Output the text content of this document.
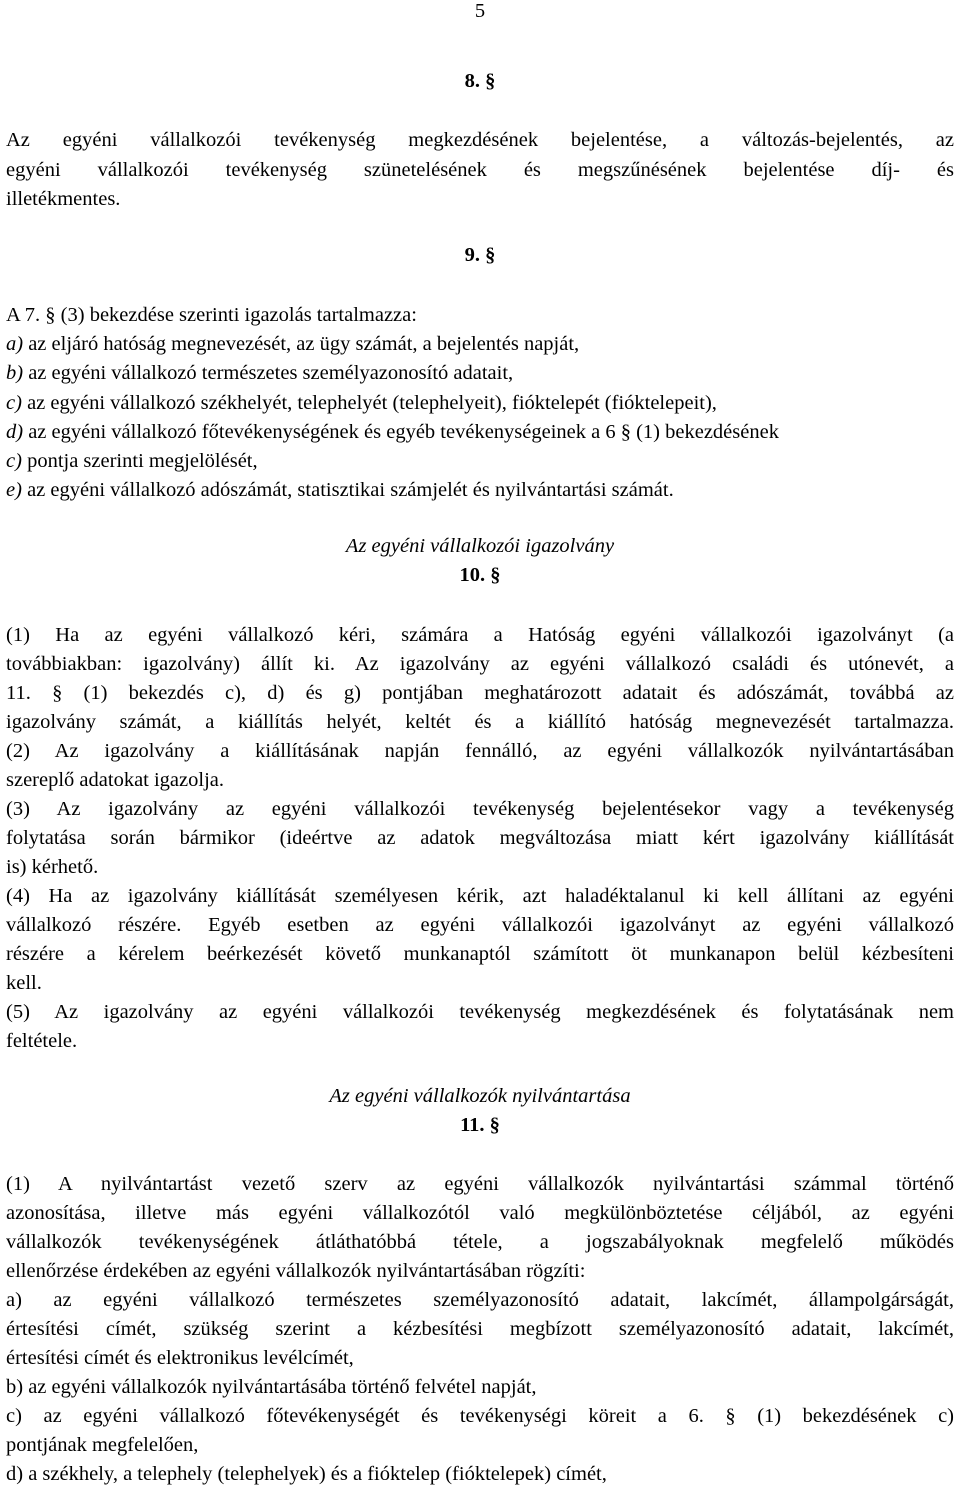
5
8. §
Az egyéni vállalkozói tevékenység megkezdésének bejelentése, a változás-bejelentés, az
egyéni vállalkozói tevékenység szünetelésének és megszűnésének bejelentése díj- és
illetékmentes.
9. §
A 7. § (3) bekezdése szerinti igazolás tartalmazza:
a) az eljáró hatóság megnevezését, az ügy számát, a bejelentés napját,
b) az egyéni vállalkozó természetes személyazonosító adatait,
c) az egyéni vállalkozó székhelyét, telephelyét (telephelyeit), fióktelepét (fióktelepeit),
d) az egyéni vállalkozó főtevékenységének és egyéb tevékenységeinek a 6 § (1) bekezdésének
c) pontja szerinti megjelölését,
e) az egyéni vállalkozó adószámát, statisztikai számjelét és nyilvántartási számát.
Az egyéni vállalkozói igazolvány
10. §
(1) Ha az egyéni vállalkozó kéri, számára a Hatóság egyéni vállalkozói igazolványt (a
továbbiakban: igazolvány) állít ki. Az igazolvány az egyéni vállalkozó családi és utónevét, a
11. § (1) bekezdés c), d) és g) pontjában meghatározott adatait és adószámát, továbbá az
igazolvány számát, a kiállítás helyét, keltét és a kiállító hatóság megnevezését tartalmazza.
(2) Az igazolvány a kiállításának napján fennálló, az egyéni vállalkozók nyilvántartásában
szereplő adatokat igazolja.
(3) Az igazolvány az egyéni vállalkozói tevékenység bejelentésekor vagy a tevékenység
folytatása során bármikor (ideértve az adatok megváltozása miatt kért igazolvány kiállítását
is) kérhető.
(4) Ha az igazolvány kiállítását személyesen kérik, azt haladéktalanul ki kell állítani az egyéni
vállalkozó részére. Egyéb esetben az egyéni vállalkozói igazolványt az egyéni vállalkozó
részére a kérelem beérkezését követő munkanaptól számított öt munkanapon belül kézbesíteni
kell.
(5) Az igazolvány az egyéni vállalkozói tevékenység megkezdésének és folytatásának nem
feltétele.
Az egyéni vállalkozók nyilvántartása
11. §
(1) A nyilvántartást vezető szerv az egyéni vállalkozók nyilvántartási számmal történő
azonosítása, illetve más egyéni vállalkozótól való megkülönböztetése céljából, az egyéni
vállalkozók tevékenységének átláthatóbbá tétele, a jogszabályoknak megfelelő működés
ellenőrzése érdekében az egyéni vállalkozók nyilvántartásában rögzíti:
a) az egyéni vállalkozó természetes személyazonosító adatait, lakcímét, állampolgárságát,
értesítési címét, szükség szerint a kézbesítési megbízott személyazonosító adatait, lakcímét,
értesítési címét és elektronikus levélcímét,
b) az egyéni vállalkozók nyilvántartásába történő felvétel napját,
c) az egyéni vállalkozó főtevékenységét és tevékenységi köreit a 6. § (1) bekezdésének c)
pontjának megfelelően,
d) a székhely, a telephely (telephelyek) és a fióktelep (fióktelepek) címét,
